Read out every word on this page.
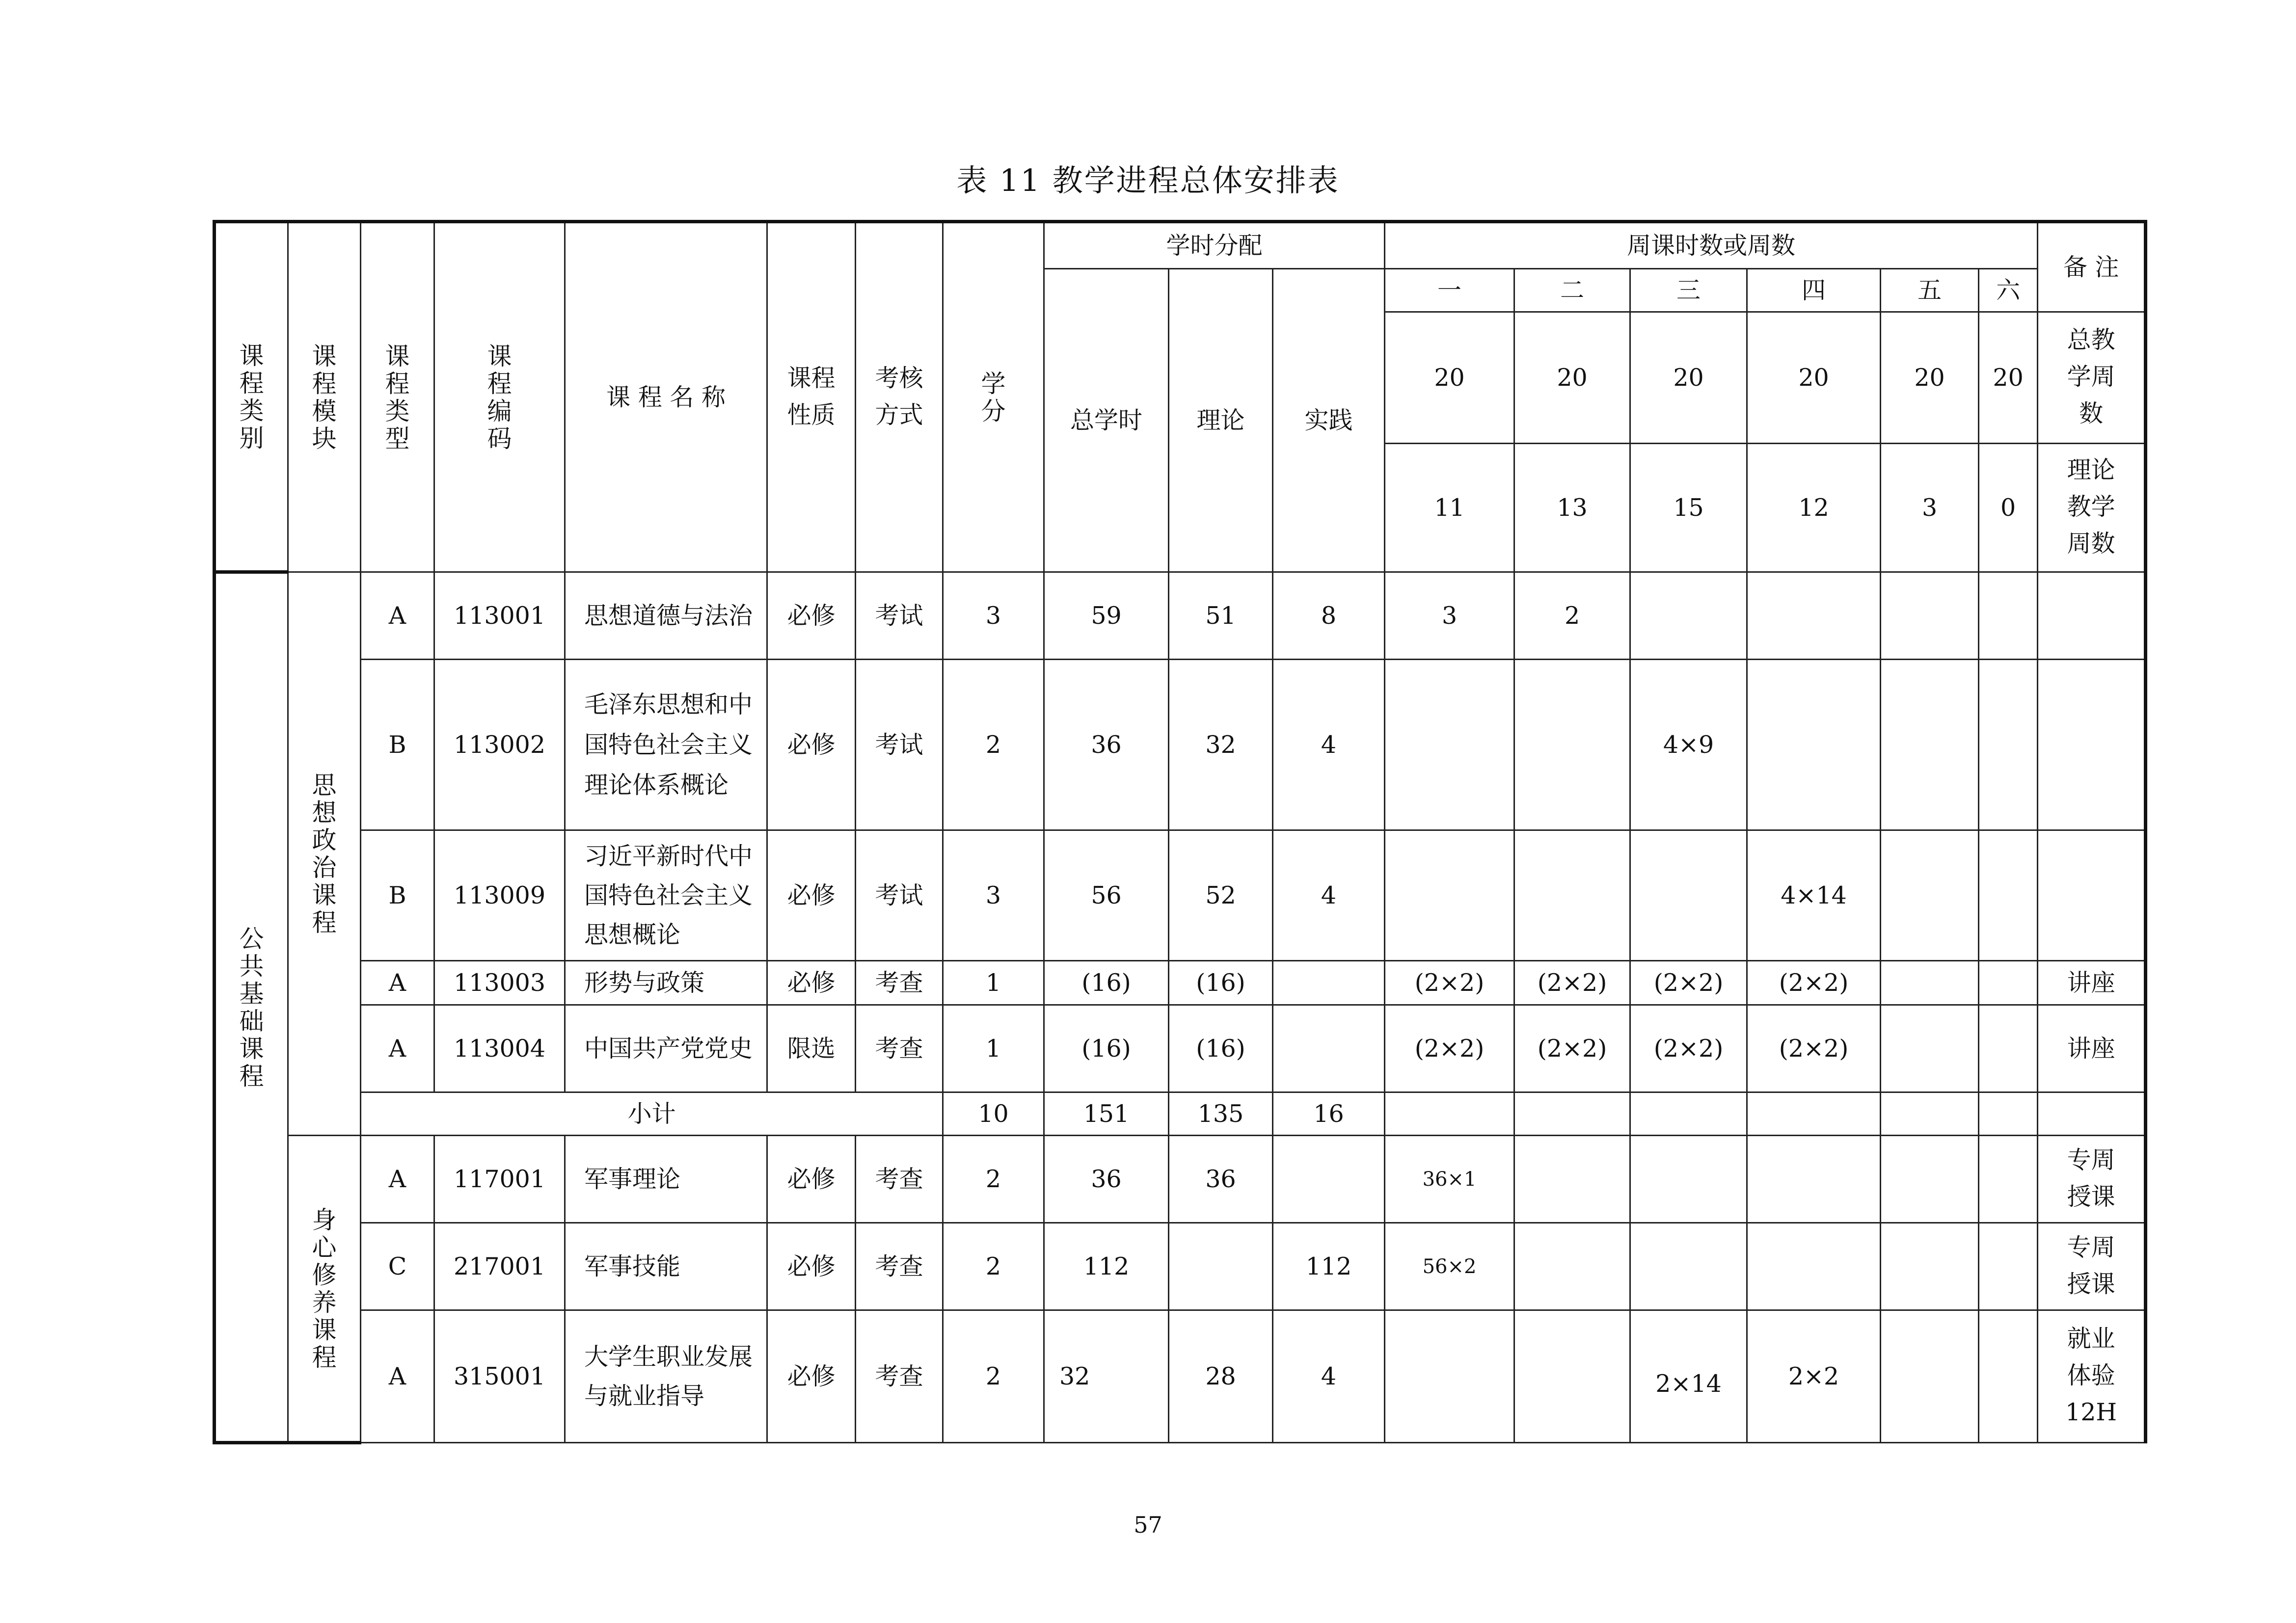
表 11 教学进程总体安排表
课程类别	课程模块	课程类型	课程编码	课 程 名 称	课程性质	考核方式	学分	学时分配			周课时数或周数						备 注
								总学时	理论	实践	一	二	三	四	五	六	
											20	20	20	20	20	20	总教学周数
											11	13	15	12	3	0	理论教学周数

公共基础课程	思想政治课程	A	113001	思想道德与法治	必修	考试	3	59	51	8	3	2					
		B	113002	毛泽东思想和中国特色社会主义理论体系概论	必修	考试	2	36	32	4			4×9				
		B	113009	习近平新时代中国特色社会主义思想概论	必修	考试	3	56	52	4				4×14			
		A	113003	形势与政策	必修	考查	1	(16)	(16)		(2×2)	(2×2)	(2×2)	(2×2)			讲座
		A	113004	中国共产党党史	限选	考查	1	(16)	(16)		(2×2)	(2×2)	(2×2)	(2×2)			讲座
		小计					10	151	135	16							

	身心修养课程	A	117001	军事理论	必修	考查	2	36	36		36×1						专周授课
		C	217001	军事技能	必修	考查	2	112		112	56×2						专周授课
		A	315001	大学生职业发展与就业指导	必修	考查	2	32	28	4			2×14	2×2			就业体验12H
57
